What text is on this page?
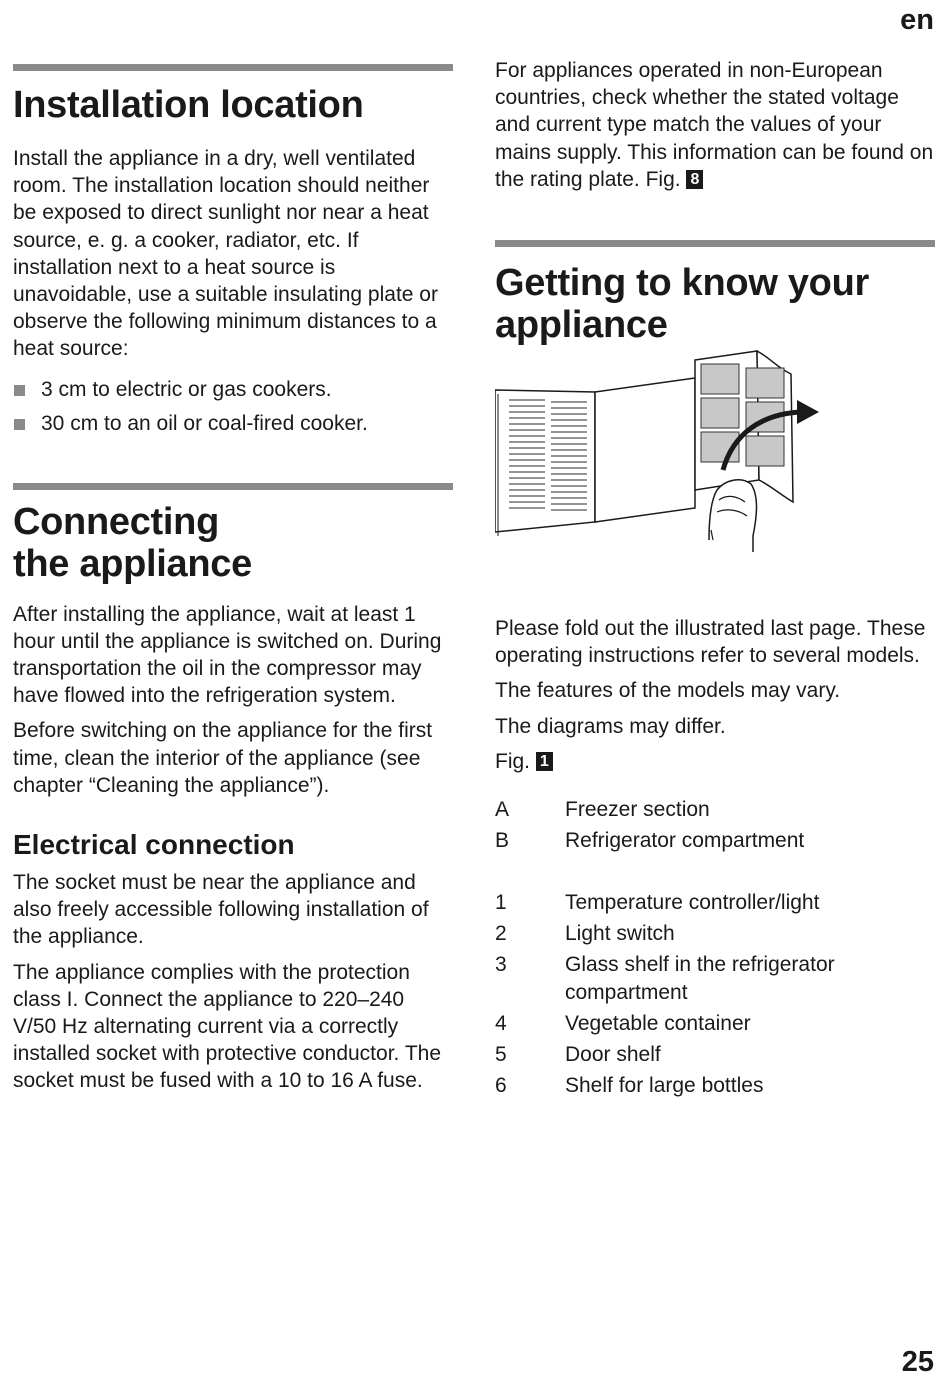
en
Installation location

Install the appliance in a dry, well ventilated room. The installation location should neither be exposed to direct sunlight nor near a heat source, e. g. a cooker, radiator, etc. If installation next to a heat source is unavoidable, use a suitable insulating plate or observe the following minimum distances to a heat source:

3 cm to electric or gas cookers.
30 cm to an oil or coal-fired cooker.
Connecting
the appliance

After installing the appliance, wait at least 1 hour until the appliance is switched on. During transportation the oil in the compressor may have flowed into the refrigeration system.

Before switching on the appliance for the first time, clean the interior of the appliance (see chapter “Cleaning the appliance”).

Electrical connection

The socket must be near the appliance and also freely accessible following installation of the appliance.

The appliance complies with the protection class I. Connect the appliance to 220–240 V/50 Hz alternating current via a correctly installed socket with protective conductor. The socket must be fused with a 10 to 16 A fuse.

For appliances operated in non-European countries, check whether the stated voltage and current type match the values of your mains supply. This information can be found on the rating plate. Fig. 8

Getting to know your
appliance

Please fold out the illustrated last page. These operating instructions refer to several models.

The features of the models may vary.

The diagrams may differ.

Fig. 1

A	Freezer section
B	Refrigerator compartment
1	Temperature controller/light
2	Light switch
3	Glass shelf in the refrigerator compartment
4	Vegetable container
5	Door shelf
6	Shelf for large bottles
25
